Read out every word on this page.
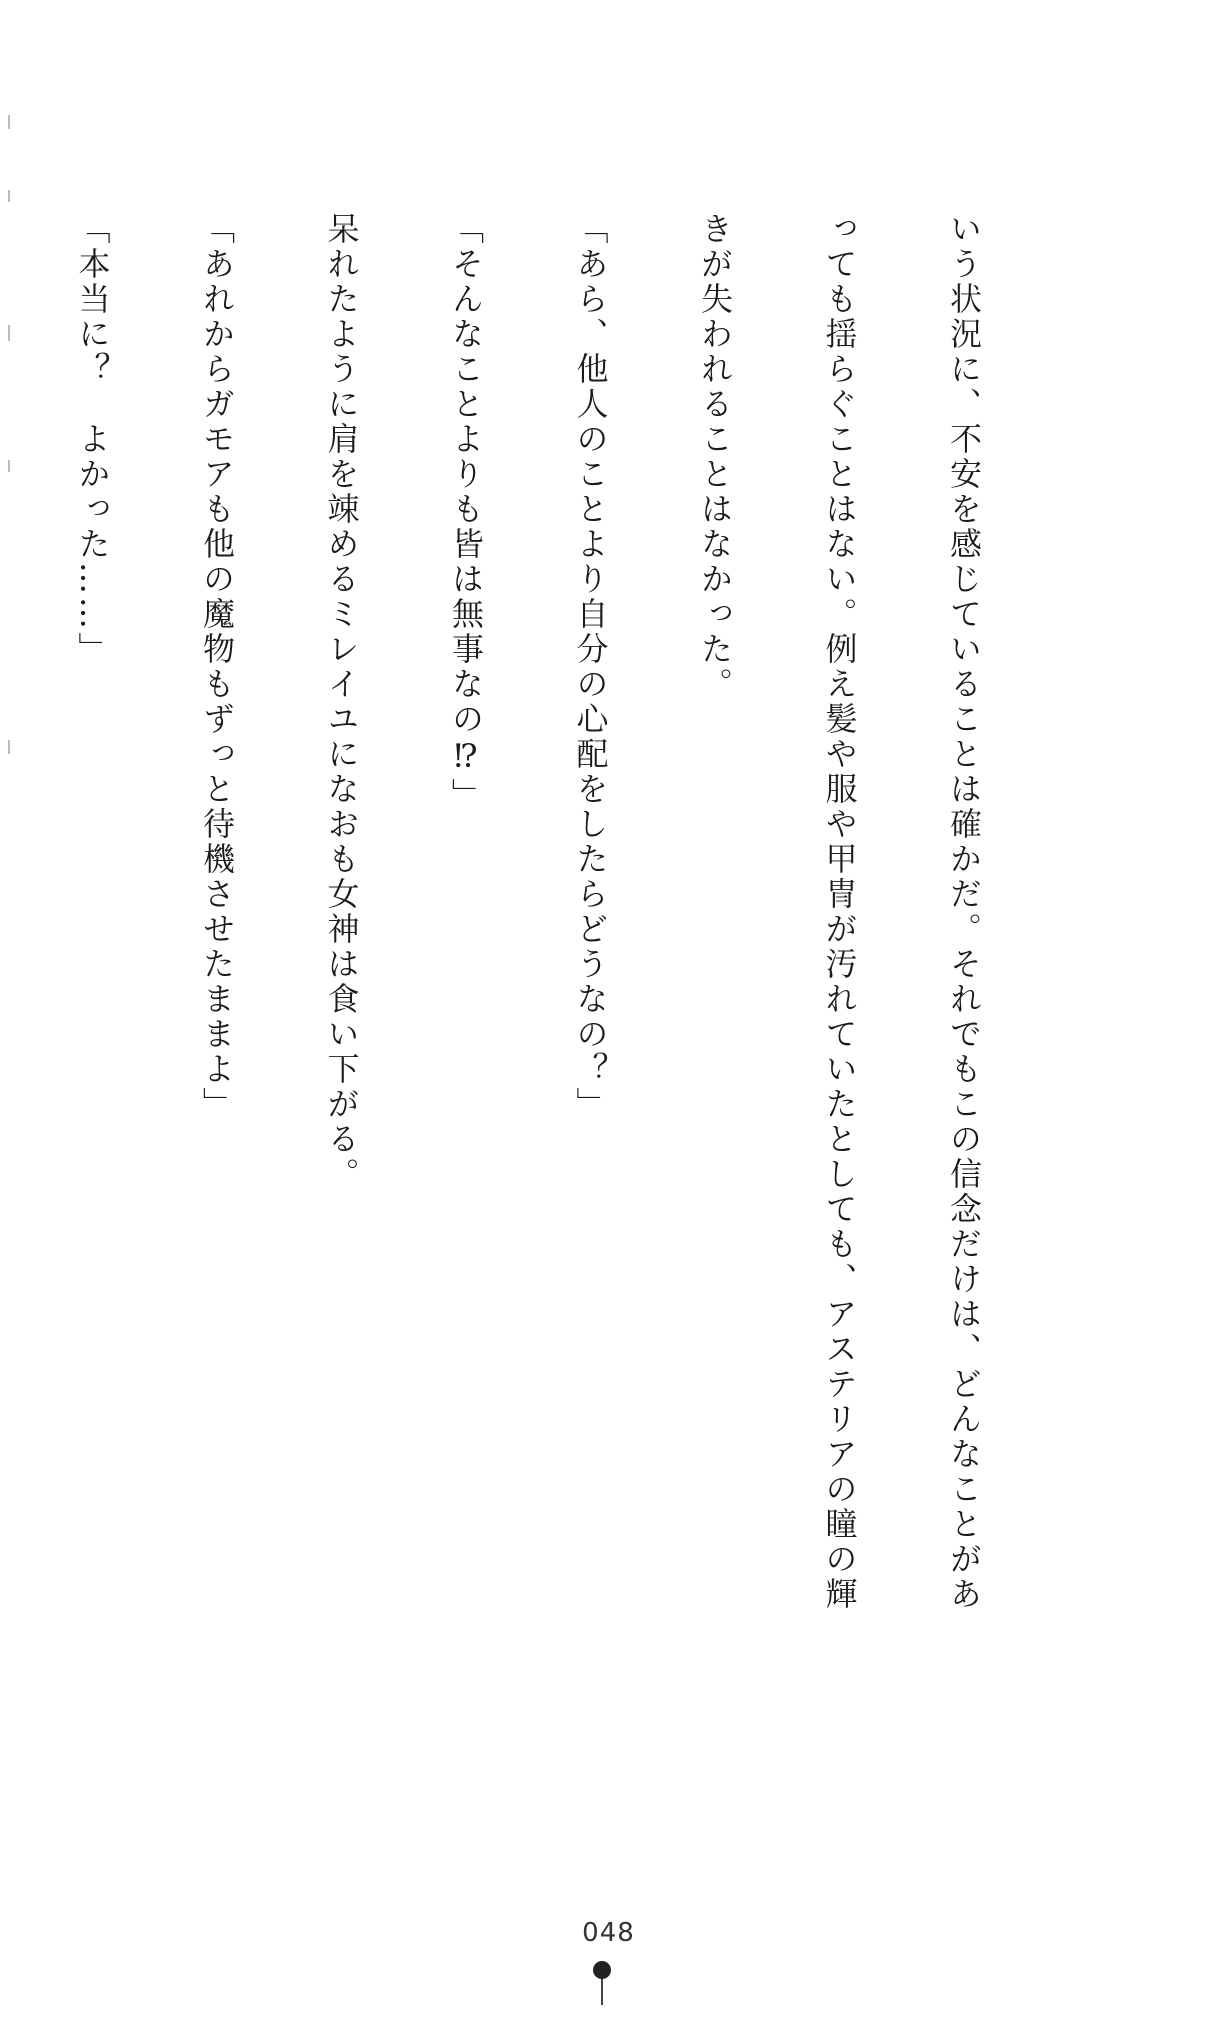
いう状況に、不安を感じていることは確かだ。それでもこの信念だけは、どんなことがあ

っても揺らぐことはない。例え髪や服や甲冑が汚れていたとしても、アステリアの瞳の輝

きが失われることはなかった。

「あら、他人のことより自分の心配をしたらどうなの？」

「そんなことよりも皆は無事なの⁉」

呆れたように肩を竦めるミレイユになおも女神は食い下がる。

「あれからガモアも他の魔物もずっと待機させたままよ」

「本当に？　よかった……」

048
